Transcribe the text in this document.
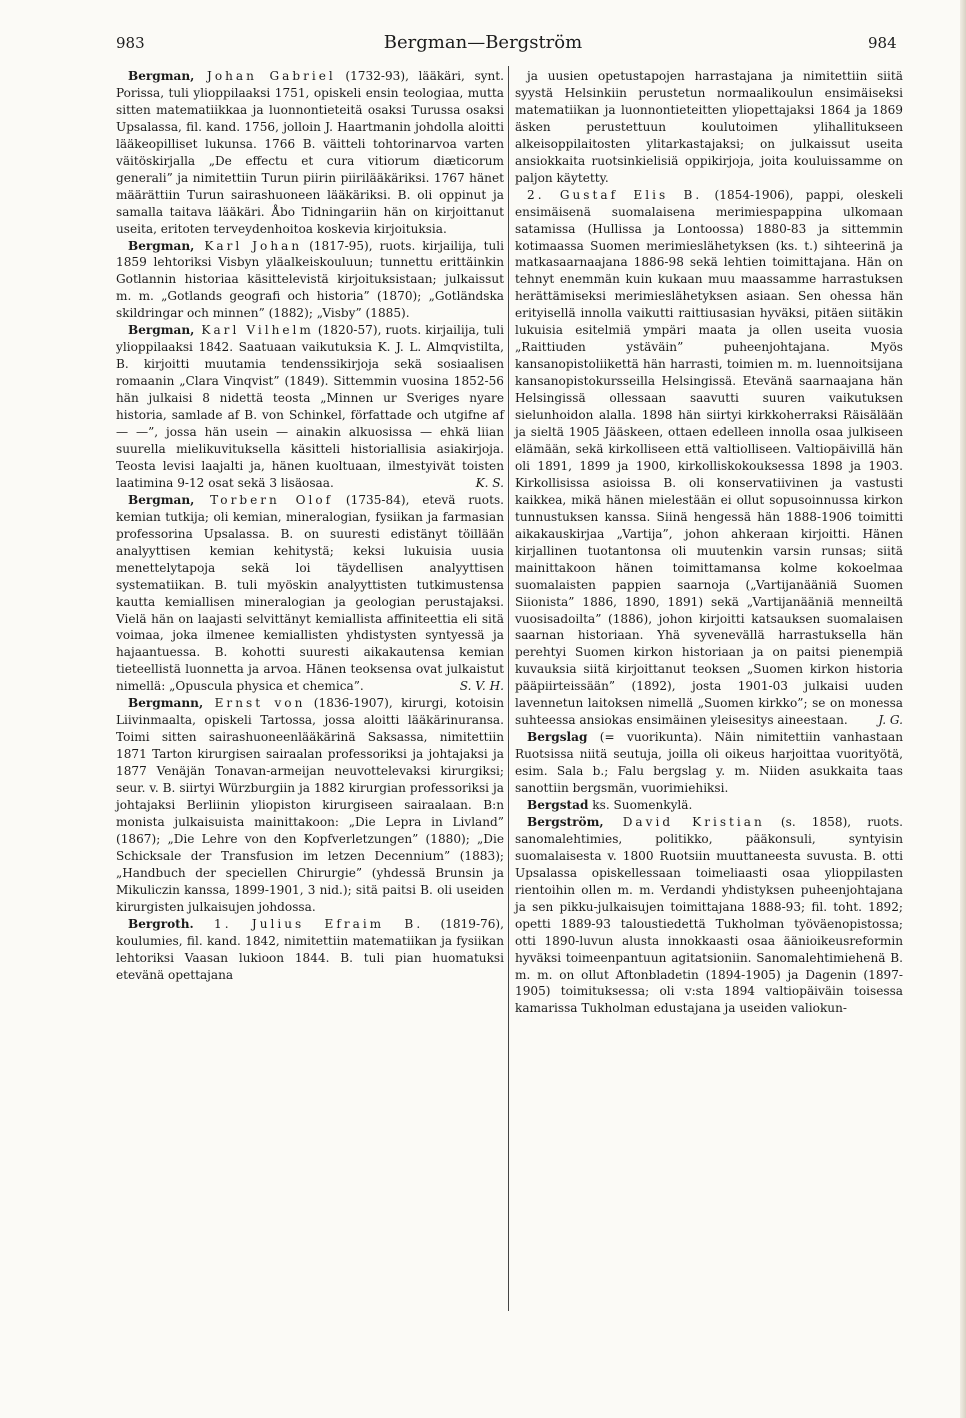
983	Bergman—Bergström	984

Bergman, Johan Gabriel (1732-93), lääkäri, synt. Porissa, tuli ylioppilaaksi 1751, opiskeli ensin teologiaa, mutta sitten matematiikkaa ja luonnontieteitä osaksi Turussa osaksi Upsalassa, fil. kand. 1756, jolloin J. Haartmanin johdolla aloitti lääkeopilliset lukunsa. 1766 B. väitteli tohtorinarvoa varten väitöskirjalla „De effectu et cura vitiorum diæticorum generali” ja nimitettiin Turun piirin piirilääkäriksi. 1767 hänet määrättiin Turun sairashuoneen lääkäriksi. B. oli oppinut ja samalla taitava lääkäri. Åbo Tidningariin hän on kirjoittanut useita, eritoten terveydenhoitoa koskevia kirjoituksia.

Bergman, Karl Johan (1817-95), ruots. kirjailija, tuli 1859 lehtoriksi Visbyn yläalkeiskouluun; tunnettu erittäinkin Gotlannin historiaa käsittelevistä kirjoituksistaan; julkaissut m. m. „Gotlands geografi och historia” (1870); „Gotländska skildringar och minnen” (1882); „Visby” (1885).

Bergman, Karl Vilhelm (1820-57), ruots. kirjailija, tuli ylioppilaaksi 1842. Saatuaan vaikutuksia K. J. L. Almqvistilta, B. kirjoitti muutamia tendenssikirjoja sekä sosiaalisen romaanin „Clara Vinqvist” (1849). Sittemmin vuosina 1852-56 hän julkaisi 8 nidettä teosta „Minnen ur Sveriges nyare historia, samlade af B. von Schinkel, författade och utgifne af — —”, jossa hän usein — ainakin alkuosissa — ehkä liian suurella mielikuvituksella käsitteli historiallisia asiakirjoja. Teosta levisi laajalti ja, hänen kuoltuaan, ilmestyivät toisten laatimina 9-12 osat sekä 3 lisäosaa.	K. S.

Bergman, Torbern Olof (1735-84), etevä ruots. kemian tutkija; oli kemian, mineralogian, fysiikan ja farmasian professorina Upsalassa. B. on suuresti edistänyt töillään analyyttisen kemian kehitystä; keksi lukuisia uusia menettelytapoja sekä loi täydellisen analyyttisen systematiikan. B. tuli myöskin analyyttisten tutkimustensa kautta kemiallisen mineralogian ja geologian perustajaksi. Vielä hän on laajasti selvittänyt kemiallista affiniteettia eli sitä voimaa, joka ilmenee kemiallisten yhdistysten syntyessä ja hajaantuessa. B. kohotti suuresti aikakautensa kemian tieteellistä luonnetta ja arvoa. Hänen teoksensa ovat julkaistut nimellä: „Opuscula physica et chemica”.	S. V. H.

Bergmann, Ernst von (1836-1907), kirurgi, kotoisin Liivinmaalta, opiskeli Tartossa, jossa aloitti lääkärinuransa. Toimi sitten sairashuoneenlääkärinä Saksassa, nimitettiin 1871 Tarton kirurgisen sairaalan professoriksi ja johtajaksi ja 1877 Venäjän Tonavan-armeijan neuvottelevaksi kirurgiksi; seur. v. B. siirtyi Würzburgiin ja 1882 kirurgian professoriksi ja johtajaksi Berliinin yliopiston kirurgiseen sairaalaan. B:n monista julkaisuista mainittakoon: „Die Lepra in Livland” (1867); „Die Lehre von den Kopfverletzungen” (1880); „Die Schicksale der Transfusion im letzen Decennium” (1883); „Handbuch der speciellen Chirurgie” (yhdessä Brunsin ja Mikuliczin kanssa, 1899-1901, 3 nid.); sitä paitsi B. oli useiden kirurgisten julkaisujen johdossa.

Bergroth. 1. Julius Efraim B. (1819-76), koulumies, fil. kand. 1842, nimitettiin matematiikan ja fysiikan lehtoriksi Vaasan lukioon 1844. B. tuli pian huomatuksi etevänä opettajana

ja uusien opetustapojen harrastajana ja nimitettiin siitä syystä Helsinkiin perustetun normaalikoulun ensimäiseksi matematiikan ja luonnontieteitten yliopettajaksi 1864 ja 1869 äsken perustettuun koulutoimen ylihallitukseen alkeisoppilaitosten ylitarkastajaksi; on julkaissut useita ansiokkaita ruotsinkielisiä oppikirjoja, joita kouluissamme on paljon käytetty.

2. Gustaf Elis B. (1854-1906), pappi, oleskeli ensimäisenä suomalaisena merimiespappina ulkomaan satamissa (Hullissa ja Lontoossa) 1880-83 ja sittemmin kotimaassa Suomen merimieslähetyksen (ks. t.) sihteerinä ja matkasaarnaajana 1886-98 sekä lehtien toimittajana. Hän on tehnyt enemmän kuin kukaan muu maassamme harrastuksen herättämiseksi merimieslähetyksen asiaan. Sen ohessa hän erityisellä innolla vaikutti raittiusasian hyväksi, pitäen siitäkin lukuisia esitelmiä ympäri maata ja ollen useita vuosia „Raittiuden ystäväin” puheenjohtajana. Myös kansanopistoliikettä hän harrasti, toimien m. m. luennoitsijana kansanopistokursseilla Helsingissä. Etevänä saarnaajana hän Helsingissä ollessaan saavutti suuren vaikutuksen sielunhoidon alalla. 1898 hän siirtyi kirkkoherraksi Räisälään ja sieltä 1905 Jääskeen, ottaen edelleen innolla osaa julkiseen elämään, sekä kirkolliseen että valtiolliseen. Valtiopäivillä hän oli 1891, 1899 ja 1900, kirkolliskokouksessa 1898 ja 1903. Kirkollisissa asioissa B. oli konservatiivinen ja vastusti kaikkea, mikä hänen mielestään ei ollut sopusoinnussa kirkon tunnustuksen kanssa. Siinä hengessä hän 1888-1906 toimitti aikakauskirjaa „Vartija”, johon ahkeraan kirjoitti. Hänen kirjallinen tuotantonsa oli muutenkin varsin runsas; siitä mainittakoon hänen toimittamansa kolme kokoelmaa suomalaisten pappien saarnoja („Vartijanääniä Suomen Siionista” 1886, 1890, 1891) sekä „Vartijanääniä menneiltä vuosisadoilta” (1886), johon kirjoitti katsauksen suomalaisen saarnan historiaan. Yhä syvenevällä harrastuksella hän perehtyi Suomen kirkon historiaan ja on paitsi pienempiä kuvauksia siitä kirjoittanut teoksen „Suomen kirkon historia pääpiirteissään” (1892), josta 1901-03 julkaisi uuden lavennetun laitoksen nimellä „Suomen kirkko”; se on monessa suhteessa ansiokas ensimäinen yleisesitys aineestaan.	J. G.

Bergslag (= vuorikunta). Näin nimitettiin vanhastaan Ruotsissa niitä seutuja, joilla oli oikeus harjoittaa vuorityötä, esim. Sala b.; Falu bergslag y. m. Niiden asukkaita taas sanottiin bergsmän, vuorimiehiksi.

Bergstad ks. Suomenkylä.

Bergström, David Kristian (s. 1858), ruots. sanomalehtimies, politikko, pääkonsuli, syntyisin suomalaisesta v. 1800 Ruotsiin muuttaneesta suvusta. B. otti Upsalassa opiskellessaan toimeliaasti osaa ylioppilasten rientoihin ollen m. m. Verdandi yhdistyksen puheenjohtajana ja sen pikku-julkaisujen toimittajana 1888-93; fil. toht. 1892; opetti 1889-93 taloustiedettä Tukholman työväenopistossa; otti 1890-luvun alusta innokkaasti osaa äänioikeusreformin hyväksi toimeenpantuun agitatsioniin. Sanomalehtimiehenä B. m. m. on ollut Aftonbladetin (1894-1905) ja Dagenin (1897-1905) toimituksessa; oli v:sta 1894 valtiopäiväin toisessa kamarissa Tukholman edustajana ja useiden valiokun-
